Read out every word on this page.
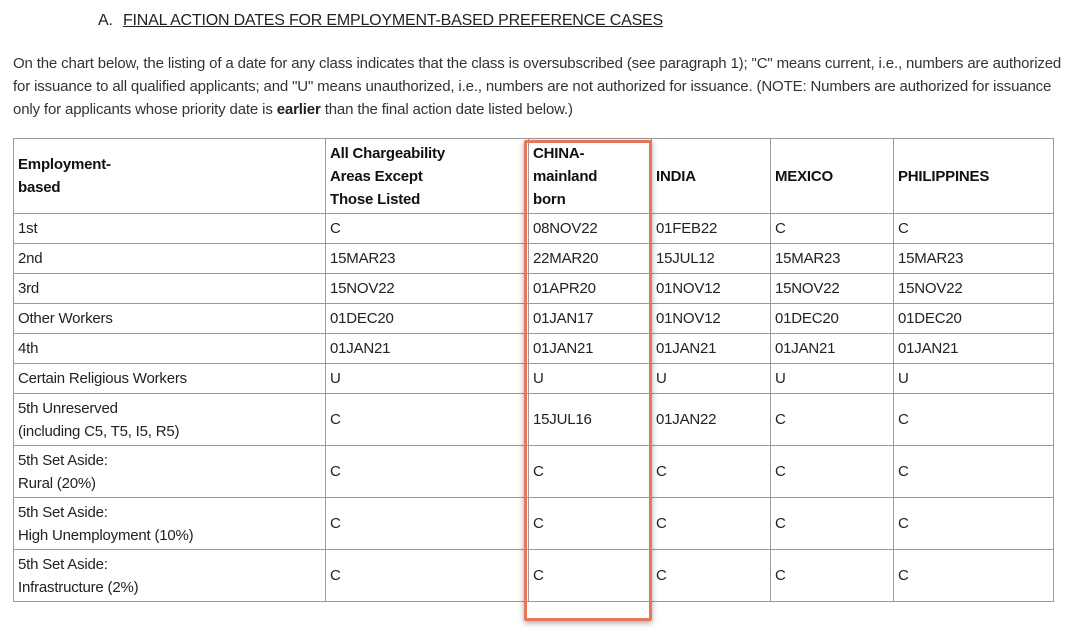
A. FINAL ACTION DATES FOR EMPLOYMENT-BASED PREFERENCE CASES
On the chart below, the listing of a date for any class indicates that the class is oversubscribed (see paragraph 1); "C" means current, i.e., numbers are authorized for issuance to all qualified applicants; and "U" means unauthorized, i.e., numbers are not authorized for issuance. (NOTE: Numbers are authorized for issuance only for applicants whose priority date is earlier than the final action date listed below.)
Employment-
based	All Chargeability
Areas Except
Those Listed	CHINA-
mainland
born	INDIA	MEXICO	PHILIPPINES

1st	C	08NOV22	01FEB22	C	C
2nd	15MAR23	22MAR20	15JUL12	15MAR23	15MAR23
3rd	15NOV22	01APR20	01NOV12	15NOV22	15NOV22
Other Workers	01DEC20	01JAN17	01NOV12	01DEC20	01DEC20
4th	01JAN21	01JAN21	01JAN21	01JAN21	01JAN21
Certain Religious Workers	U	U	U	U	U

5th Unreserved
(including C5, T5, I5, R5)	C	15JUL16	01JAN22	C	C

5th Set Aside:
Rural (20%)	C	C	C	C	C

5th Set Aside:
High Unemployment (10%)	C	C	C	C	C

5th Set Aside:
Infrastructure (2%)	C	C	C	C	C
